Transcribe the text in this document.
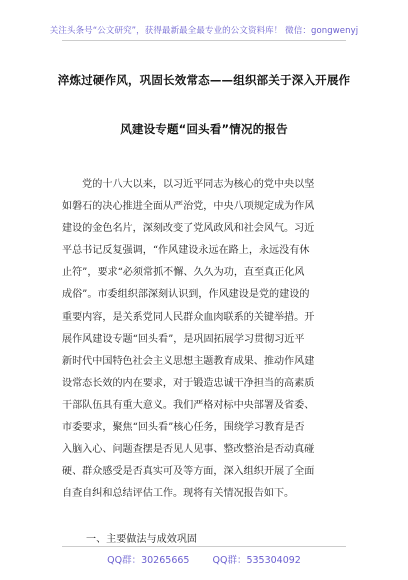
关注头条号“公文研究”，获得最新最全最专业的公文资料库！ 微信：gongwenyj
淬炼过硬作风，巩固长效常态——组织部关于深入开展作
风建设专题“回头看”情况的报告
　　党的十八大以来，以习近平同志为核心的党中央以坚
如磐石的决心推进全面从严治党，中央八项规定成为作风
建设的金色名片，深刻改变了党风政风和社会风气。习近
平总书记反复强调，“作风建设永远在路上，永远没有休
止符”，要求“必须常抓不懈、久久为功，直至真正化风
成俗”。市委组织部深刻认识到，作风建设是党的建设的
重要内容，是关系党同人民群众血肉联系的关键举措。开
展作风建设专题“回头看”，是巩固拓展学习贯彻习近平
新时代中国特色社会主义思想主题教育成果、推动作风建
设常态长效的内在要求，对于锻造忠诚干净担当的高素质
干部队伍具有重大意义。我们严格对标中央部署及省委、
市委要求，聚焦“回头看”核心任务，围绕学习教育是否
入脑入心、问题查摆是否见人见事、整改整治是否动真碰
硬、群众感受是否真实可及等方面，深入组织开展了全面
自查自纠和总结评估工作。现将有关情况报告如下。
一、主要做法与成效巩固
QQ群：30265665 QQ群：535304092
